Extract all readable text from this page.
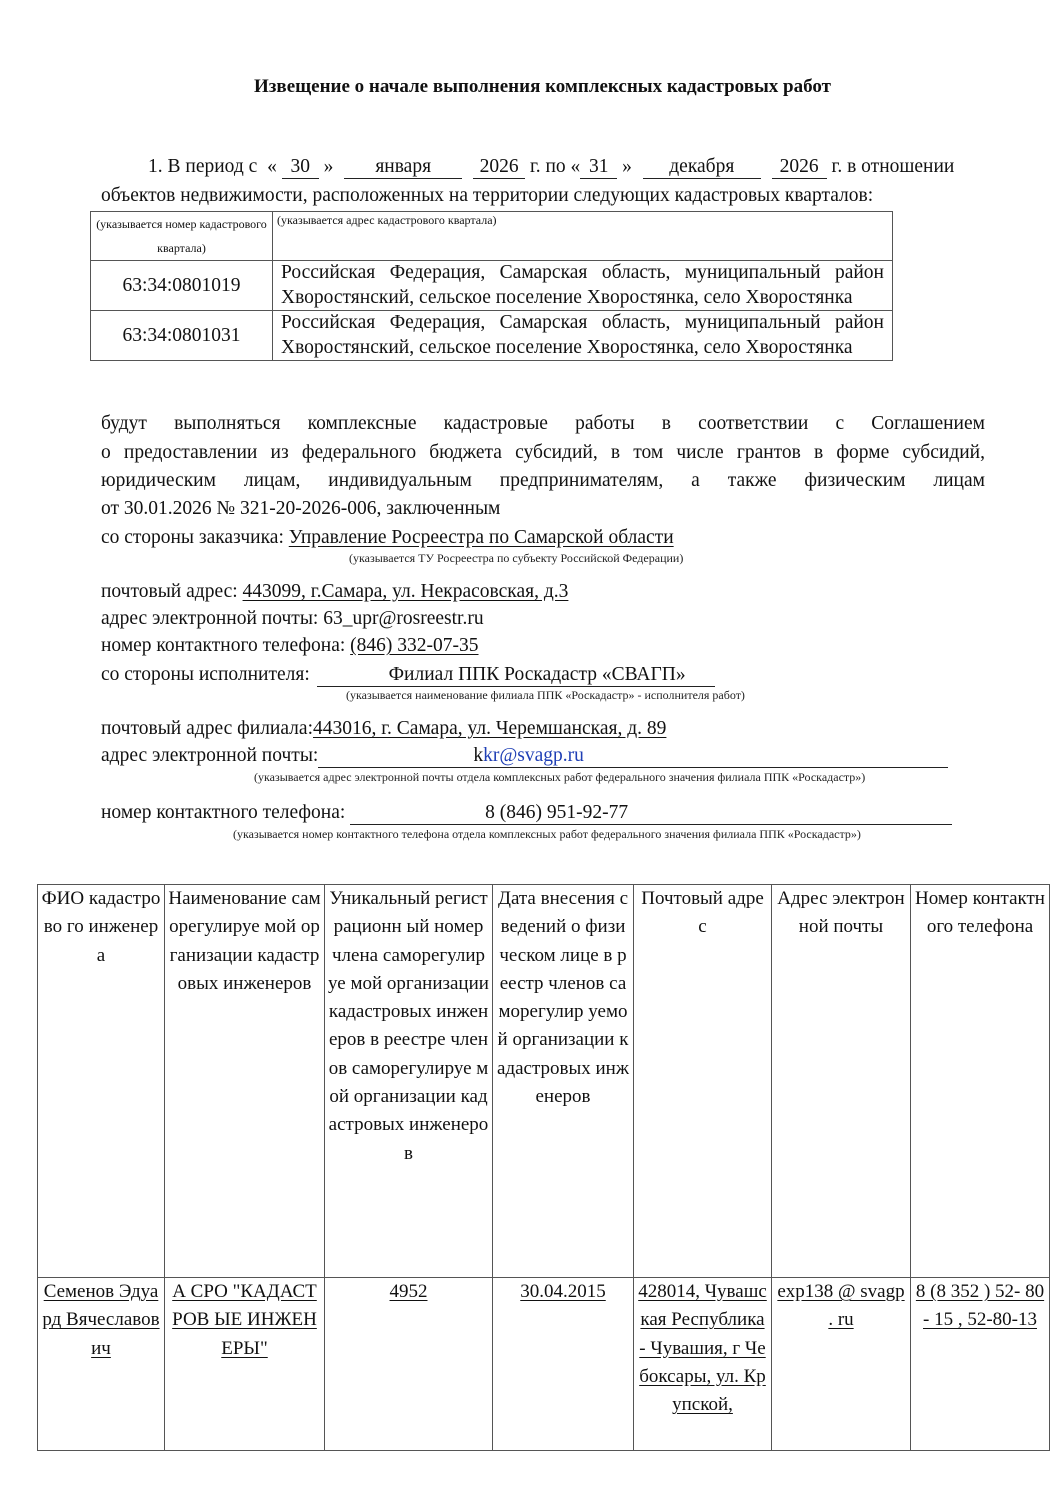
Извещение о начале выполнения комплексных кадастровых работ
1. В период с « 30 » января 2026 г. по « 31 » декабря 2026 г. в отношении
объектов недвижимости, расположенных на территории следующих кадастровых кварталов:
(указывается номер кадастрового квартала)	(указывается адрес кадастрового квартала)
63:34:0801019	Российская Федерация, Самарская область, муниципальный район Хворостянский, сельское поселение Хворостянка, село Хворостянка
63:34:0801031	Российская Федерация, Самарская область, муниципальный район Хворостянский, сельское поселение Хворостянка, село Хворостянка
будут выполняться комплексные кадастровые работы в соответствии с Соглашением
о предоставлении из федерального бюджета субсидий, в том числе грантов в форме субсидий,
юридическим лицам, индивидуальным предпринимателям, а также физическим лицам
от 30.01.2026 № 321-20-2026-006, заключенным
со стороны заказчика: Управление Росреестра по Самарской области
(указывается ТУ Росреестра по субъекту Российской Федерации)
почтовый адрес: 443099, г.Самара, ул. Некрасовская, д.3
адрес электронной почты: 63_upr@rosreestr.ru
номер контактного телефона: (846) 332-07-35
со стороны исполнителя:	Филиал ППК Роскадастр «СВАГП»
(указывается наименование филиала ППК «Роскадастр» - исполнителя работ)
почтовый адрес филиала:443016, г. Самара, ул. Черемшанская, д. 89
адрес электронной почты:	kkr@svagp.ru
(указывается адрес электронной почты отдела комплексных работ федерального значения филиала ППК «Роскадастр»)
номер контактного телефона:	8 (846) 951-92-77
(указывается номер контактного телефона отдела комплексных работ федерального значения филиала ППК «Роскадастр»)
ФИО кадастрово го инженера	Наименование саморегулируе мой организации кадастровых инженеров	Уникальный регистрационн ый номер члена саморегулируе мой организации кадастровых инженеров в реестре членов саморегулируе мой организации кадастровых инженеров	Дата внесения сведений о физическом лице в реестр членов саморегулир уемой организации кадастровых инженеров	Почтовый адрес	Адрес электронной почты	Номер контактного телефона
Семенов Эдуард Вячеславов ич	А СРО "КАДАСТРОВ ЫЕ ИНЖЕНЕРЫ"	4952	30.04.2015	428014, Чувашская Республика - Чувашия, г Чебоксары, ул. Крупской,	exp138 @ svagp . ru	8 (8 352 ) 52- 80- 15 , 52-80-13
